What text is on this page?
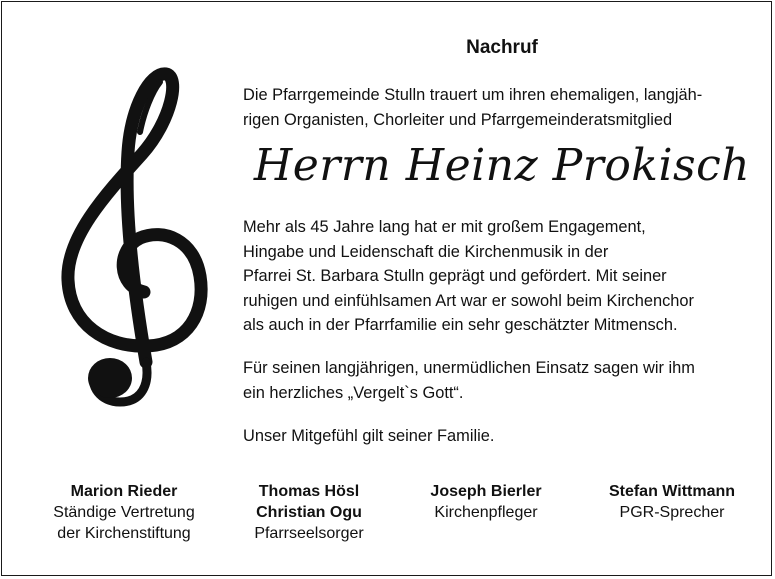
Nachruf

Die Pfarrgemeinde Stulln trauert um ihren ehemaligen, langjäh-
rigen Organisten, Chorleiter und Pfarrgemeinderatsmitglied

Herrn Heinz Prokisch

Mehr als 45 Jahre lang hat er mit großem Engagement,
Hingabe und Leidenschaft die Kirchenmusik in der
Pfarrei St. Barbara Stulln geprägt und gefördert. Mit seiner
ruhigen und einfühlsamen Art war er sowohl beim Kirchenchor
als auch in der Pfarrfamilie ein sehr geschätzter Mitmensch.

Für seinen langjährigen, unermüdlichen Einsatz sagen wir ihm
ein herzliches „Vergelt`s Gott“.

Unser Mitgefühl gilt seiner Familie.

Marion Rieder
Ständige Vertretung
der Kirchenstiftung
Thomas Hösl
Christian Ogu
Pfarrseelsorger
Joseph Bierler
Kirchenpfleger
Stefan Wittmann
PGR-Sprecher
